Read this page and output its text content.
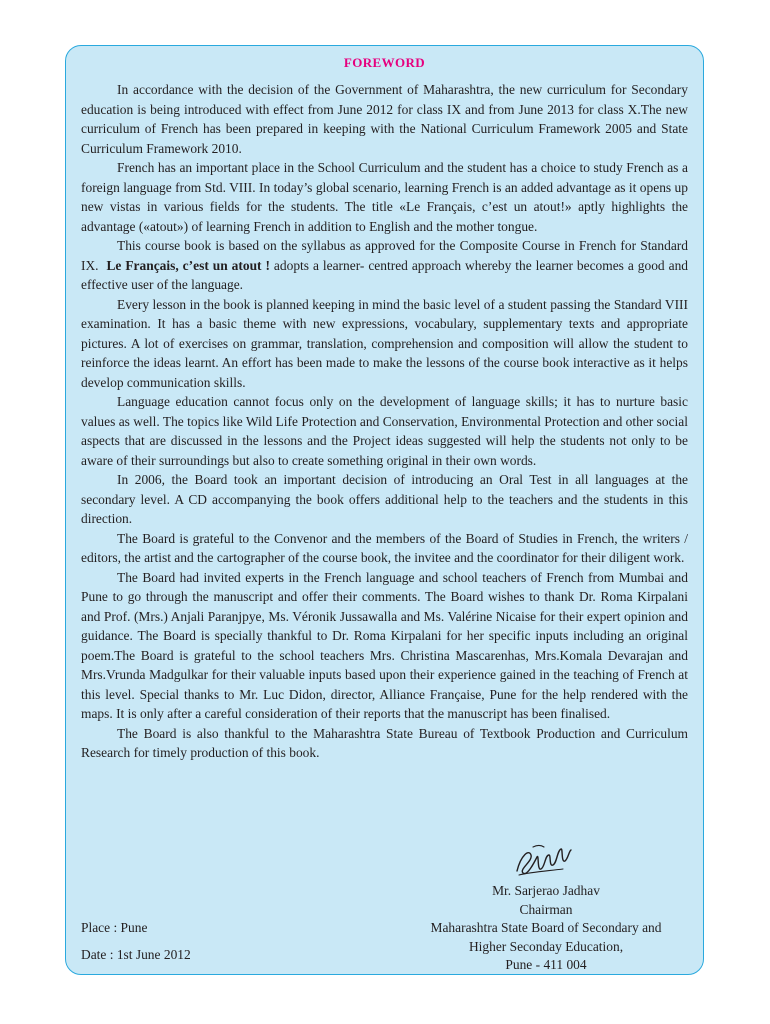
FOREWORD

In accordance with the decision of the Government of Maharashtra, the new curriculum for Secondary education is being introduced with effect from June 2012 for class IX and from June 2013 for class X.The new curriculum of French has been prepared in keeping with the National Curriculum Framework 2005 and State Curriculum Framework 2010.

French has an important place in the School Curriculum and the student has a choice to study French as a foreign language from Std. VIII. In today’s global scenario, learning French is an added advantage as it opens up new vistas in various fields for the students. The title «Le Français, c’est un atout!» aptly highlights the advantage («atout») of learning French in addition to English and the mother tongue.

This course book is based on the syllabus as approved for the Composite Course in French for Standard IX. Le Français, c’est un atout ! adopts a learner- centred approach whereby the learner becomes a good and effective user of the language.

Every lesson in the book is planned keeping in mind the basic level of a student passing the Standard VIII examination. It has a basic theme with new expressions, vocabulary, supplementary texts and appropriate pictures. A lot of exercises on grammar, translation, comprehension and composition will allow the student to reinforce the ideas learnt. An effort has been made to make the lessons of the course book interactive as it helps develop communication skills.

Language education cannot focus only on the development of language skills; it has to nurture basic values as well. The topics like Wild Life Protection and Conservation, Environmental Protection and other social aspects that are discussed in the lessons and the Project ideas suggested will help the students not only to be aware of their surroundings but also to create something original in their own words.

In 2006, the Board took an important decision of introducing an Oral Test in all languages at the secondary level. A CD accompanying the book offers additional help to the teachers and the students in this direction.

The Board is grateful to the Convenor and the members of the Board of Studies in French, the writers / editors, the artist and the cartographer of the course book, the invitee and the coordinator for their diligent work.

The Board had invited experts in the French language and school teachers of French from Mumbai and Pune to go through the manuscript and offer their comments. The Board wishes to thank Dr. Roma Kirpalani and Prof. (Mrs.) Anjali Paranjpye, Ms. Véronik Jussawalla and Ms. Valérine Nicaise for their expert opinion and guidance. The Board is specially thankful to Dr. Roma Kirpalani for her specific inputs including an original poem.The Board is grateful to the school teachers Mrs. Christina Mascarenhas, Mrs.Komala Devarajan and Mrs.Vrunda Madgulkar for their valuable inputs based upon their experience gained in the teaching of French at this level. Special thanks to Mr. Luc Didon, director, Alliance Française, Pune for the help rendered with the maps. It is only after a careful consideration of their reports that the manuscript has been finalised.

The Board is also thankful to the Maharashtra State Bureau of Textbook Production and Curriculum Research for timely production of this book.

Mr. Sarjerao Jadhav
Chairman
Maharashtra State Board of Secondary and
Higher Seconday Education,
Pune - 411 004
Place : Pune
Date : 1st June 2012
